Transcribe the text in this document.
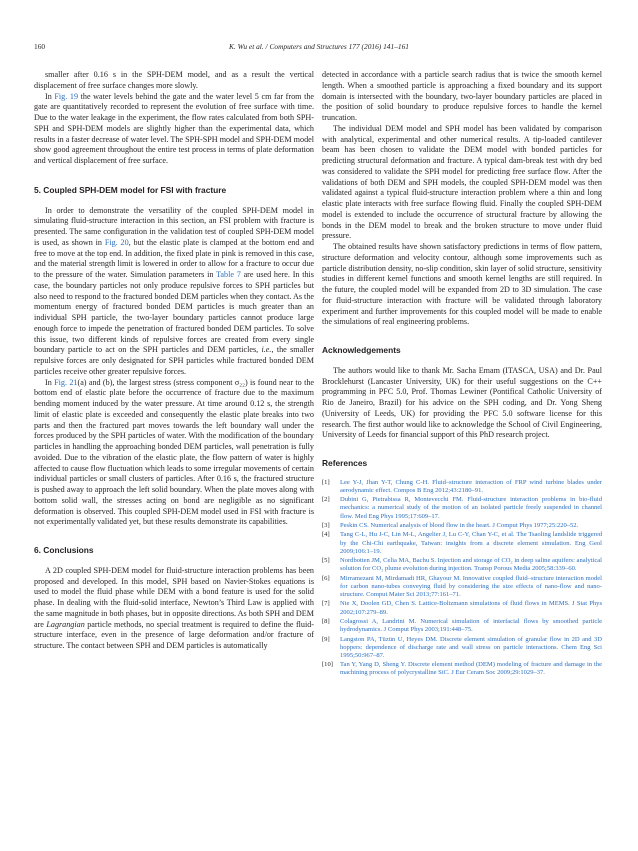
160	K. Wu et al. / Computers and Structures 177 (2016) 141–161

smaller after 0.16 s in the SPH-DEM model, and as a result the vertical displacement of free surface changes more slowly.

In Fig. 19 the water levels behind the gate and the water level 5 cm far from the gate are quantitatively recorded to represent the evolution of free surface with time. Due to the water leakage in the experiment, the flow rates calculated from both SPH-SPH and SPH-DEM models are slightly higher than the experimental data, which results in a faster decrease of water level. The SPH-SPH model and SPH-DEM model show good agreement throughout the entire test process in terms of plate deformation and vertical displacement of free surface.

5. Coupled SPH-DEM model for FSI with fracture

In order to demonstrate the versatility of the coupled SPH-DEM model in simulating fluid-structure interaction in this section, an FSI problem with fracture is presented. The same configuration in the validation test of coupled SPH-DEM model is used, as shown in Fig. 20, but the elastic plate is clamped at the bottom end and free to move at the top end. In addition, the fixed plate in pink is removed in this case, and the material strength limit is lowered in order to allow for a fracture to occur due to the pressure of the water. Simulation parameters in Table 7 are used here. In this case, the boundary particles not only produce repulsive forces to SPH particles but also need to respond to the fractured bonded DEM particles when they contact. As the momentum energy of fractured bonded DEM particles is much greater than an individual SPH particle, the two-layer boundary particles cannot produce large enough force to impede the penetration of fractured bonded DEM particles. To solve this issue, two different kinds of repulsive forces are created from every single boundary particle to act on the SPH particles and DEM particles, i.e., the smaller repulsive forces are only designated for SPH particles while fractured bonded DEM particles receive other greater repulsive forces.

In Fig. 21(a) and (b), the largest stress (stress component σ₂₂) is found near to the bottom end of elastic plate before the occurrence of fracture due to the maximum bending moment induced by the water pressure. At time around 0.12 s, the strength limit of elastic plate is exceeded and consequently the elastic plate breaks into two parts and then the fractured part moves towards the left boundary wall under the forces produced by the SPH particles of water. With the modification of the boundary particles in handling the approaching bonded DEM particles, wall penetration is fully avoided. Due to the vibration of the elastic plate, the flow pattern of water is highly affected to cause flow fluctuation which leads to some irregular movements of certain individual particles or small clusters of particles. After 0.16 s, the fractured structure is pushed away to approach the left solid boundary. When the plate moves along with bottom solid wall, the stresses acting on bond are negligible as no significant deformation is observed. This coupled SPH-DEM model used in FSI with fracture is not experimentally validated yet, but these results demonstrate its capabilities.

6. Conclusions

A 2D coupled SPH-DEM model for fluid-structure interaction problems has been proposed and developed. In this model, SPH based on Navier-Stokes equations is used to model the fluid phase while DEM with a bond feature is used for the solid phase. In dealing with the fluid-solid interface, Newton’s Third Law is applied with the same magnitude in both phases, but in opposite directions. As both SPH and DEM are Lagrangian particle methods, no special treatment is required to define the fluid-structure interface, even in the presence of large deformation and/or fracture of structure. The contact between SPH and DEM particles is automatically

detected in accordance with a particle search radius that is twice the smooth kernel length. When a smoothed particle is approaching a fixed boundary and its support domain is intersected with the boundary, two-layer boundary particles are placed in the position of solid boundary to produce repulsive forces to handle the kernel truncation.

The individual DEM model and SPH model has been validated by comparison with analytical, experimental and other numerical results. A tip-loaded cantilever beam has been chosen to validate the DEM model with bonded particles for predicting structural deformation and fracture. A typical dam-break test with dry bed was considered to validate the SPH model for predicting free surface flow. After the validations of both DEM and SPH models, the coupled SPH-DEM model was then validated against a typical fluid-structure interaction problem where a thin and long elastic plate interacts with free surface flowing fluid. Finally the coupled SPH-DEM model is extended to include the occurrence of structural fracture by allowing the bonds in the DEM model to break and the broken structure to move under fluid pressure.

The obtained results have shown satisfactory predictions in terms of flow pattern, structure deformation and velocity contour, although some improvements such as particle distribution density, no-slip condition, skin layer of solid structure, sensitivity studies in different kernel functions and smooth kernel lengths are still required. In the future, the coupled model will be expanded from 2D to 3D simulation. The case for fluid-structure interaction with fracture will be validated through laboratory experiment and further improvements for this coupled model will be made to enable the simulations of real engineering problems.

Acknowledgements

The authors would like to thank Mr. Sacha Emam (ITASCA, USA) and Dr. Paul Brocklehurst (Lancaster University, UK) for their useful suggestions on the C++ programming in PFC 5.0, Prof. Thomas Lewiner (Pontifical Catholic University of Rio de Janeiro, Brazil) for his advice on the SPH coding, and Dr. Yong Sheng (University of Leeds, UK) for providing the PFC 5.0 software license for this research. The first author would like to acknowledge the School of Civil Engineering, University of Leeds for financial support of this PhD research project.

References
[1] Lee Y-J, Jhan Y-T, Chung C-H. Fluid–structure interaction of FRP wind turbine blades under aerodynamic effect. Compos B Eng 2012;43:2180–91.
[2] Dubini G, Pietrabissa R, Montevecchi FM. Fluid-structure interaction problems in bio-fluid mechanics: a numerical study of the motion of an isolated particle freely suspended in channel flow. Med Eng Phys 1995;17:609–17.
[3] Peskin CS. Numerical analysis of blood flow in the heart. J Comput Phys 1977;25:220–52.
[4] Tang C-L, Hu J-C, Lin M-L, Angelier J, Lu C-Y, Chan Y-C, et al. The Tsaoling landslide triggered by the Chi-Chi earthquake, Taiwan: insights from a discrete element simulation. Eng Geol 2009;106:1–19.
[5] Nordbotten JM, Celia MA, Bachu S. Injection and storage of CO₂ in deep saline aquifers: analytical solution for CO₂ plume evolution during injection. Transp Porous Media 2005;58:339–60.
[6] Mirramezani M, Mirdamadi HR, Ghayour M. Innovative coupled fluid–structure interaction model for carbon nano-tubes conveying fluid by considering the size effects of nano-flow and nano-structure. Comput Mater Sci 2013;77:161–71.
[7] Nie X, Doolen GD, Chen S. Lattice-Boltzmann simulations of fluid flows in MEMS. J Stat Phys 2002;107:279–89.
[8] Colagrossi A, Landrini M. Numerical simulation of interfacial flows by smoothed particle hydrodynamics. J Comput Phys 2003;191:448–75.
[9] Langston PA, Tüzün U, Heyes DM. Discrete element simulation of granular flow in 2D and 3D hoppers: dependence of discharge rate and wall stress on particle interactions. Chem Eng Sci 1995;50:967–87.
[10] Tan Y, Yang D, Sheng Y. Discrete element method (DEM) modeling of fracture and damage in the machining process of polycrystalline SiC. J Eur Ceram Soc 2009;29:1029–37.
